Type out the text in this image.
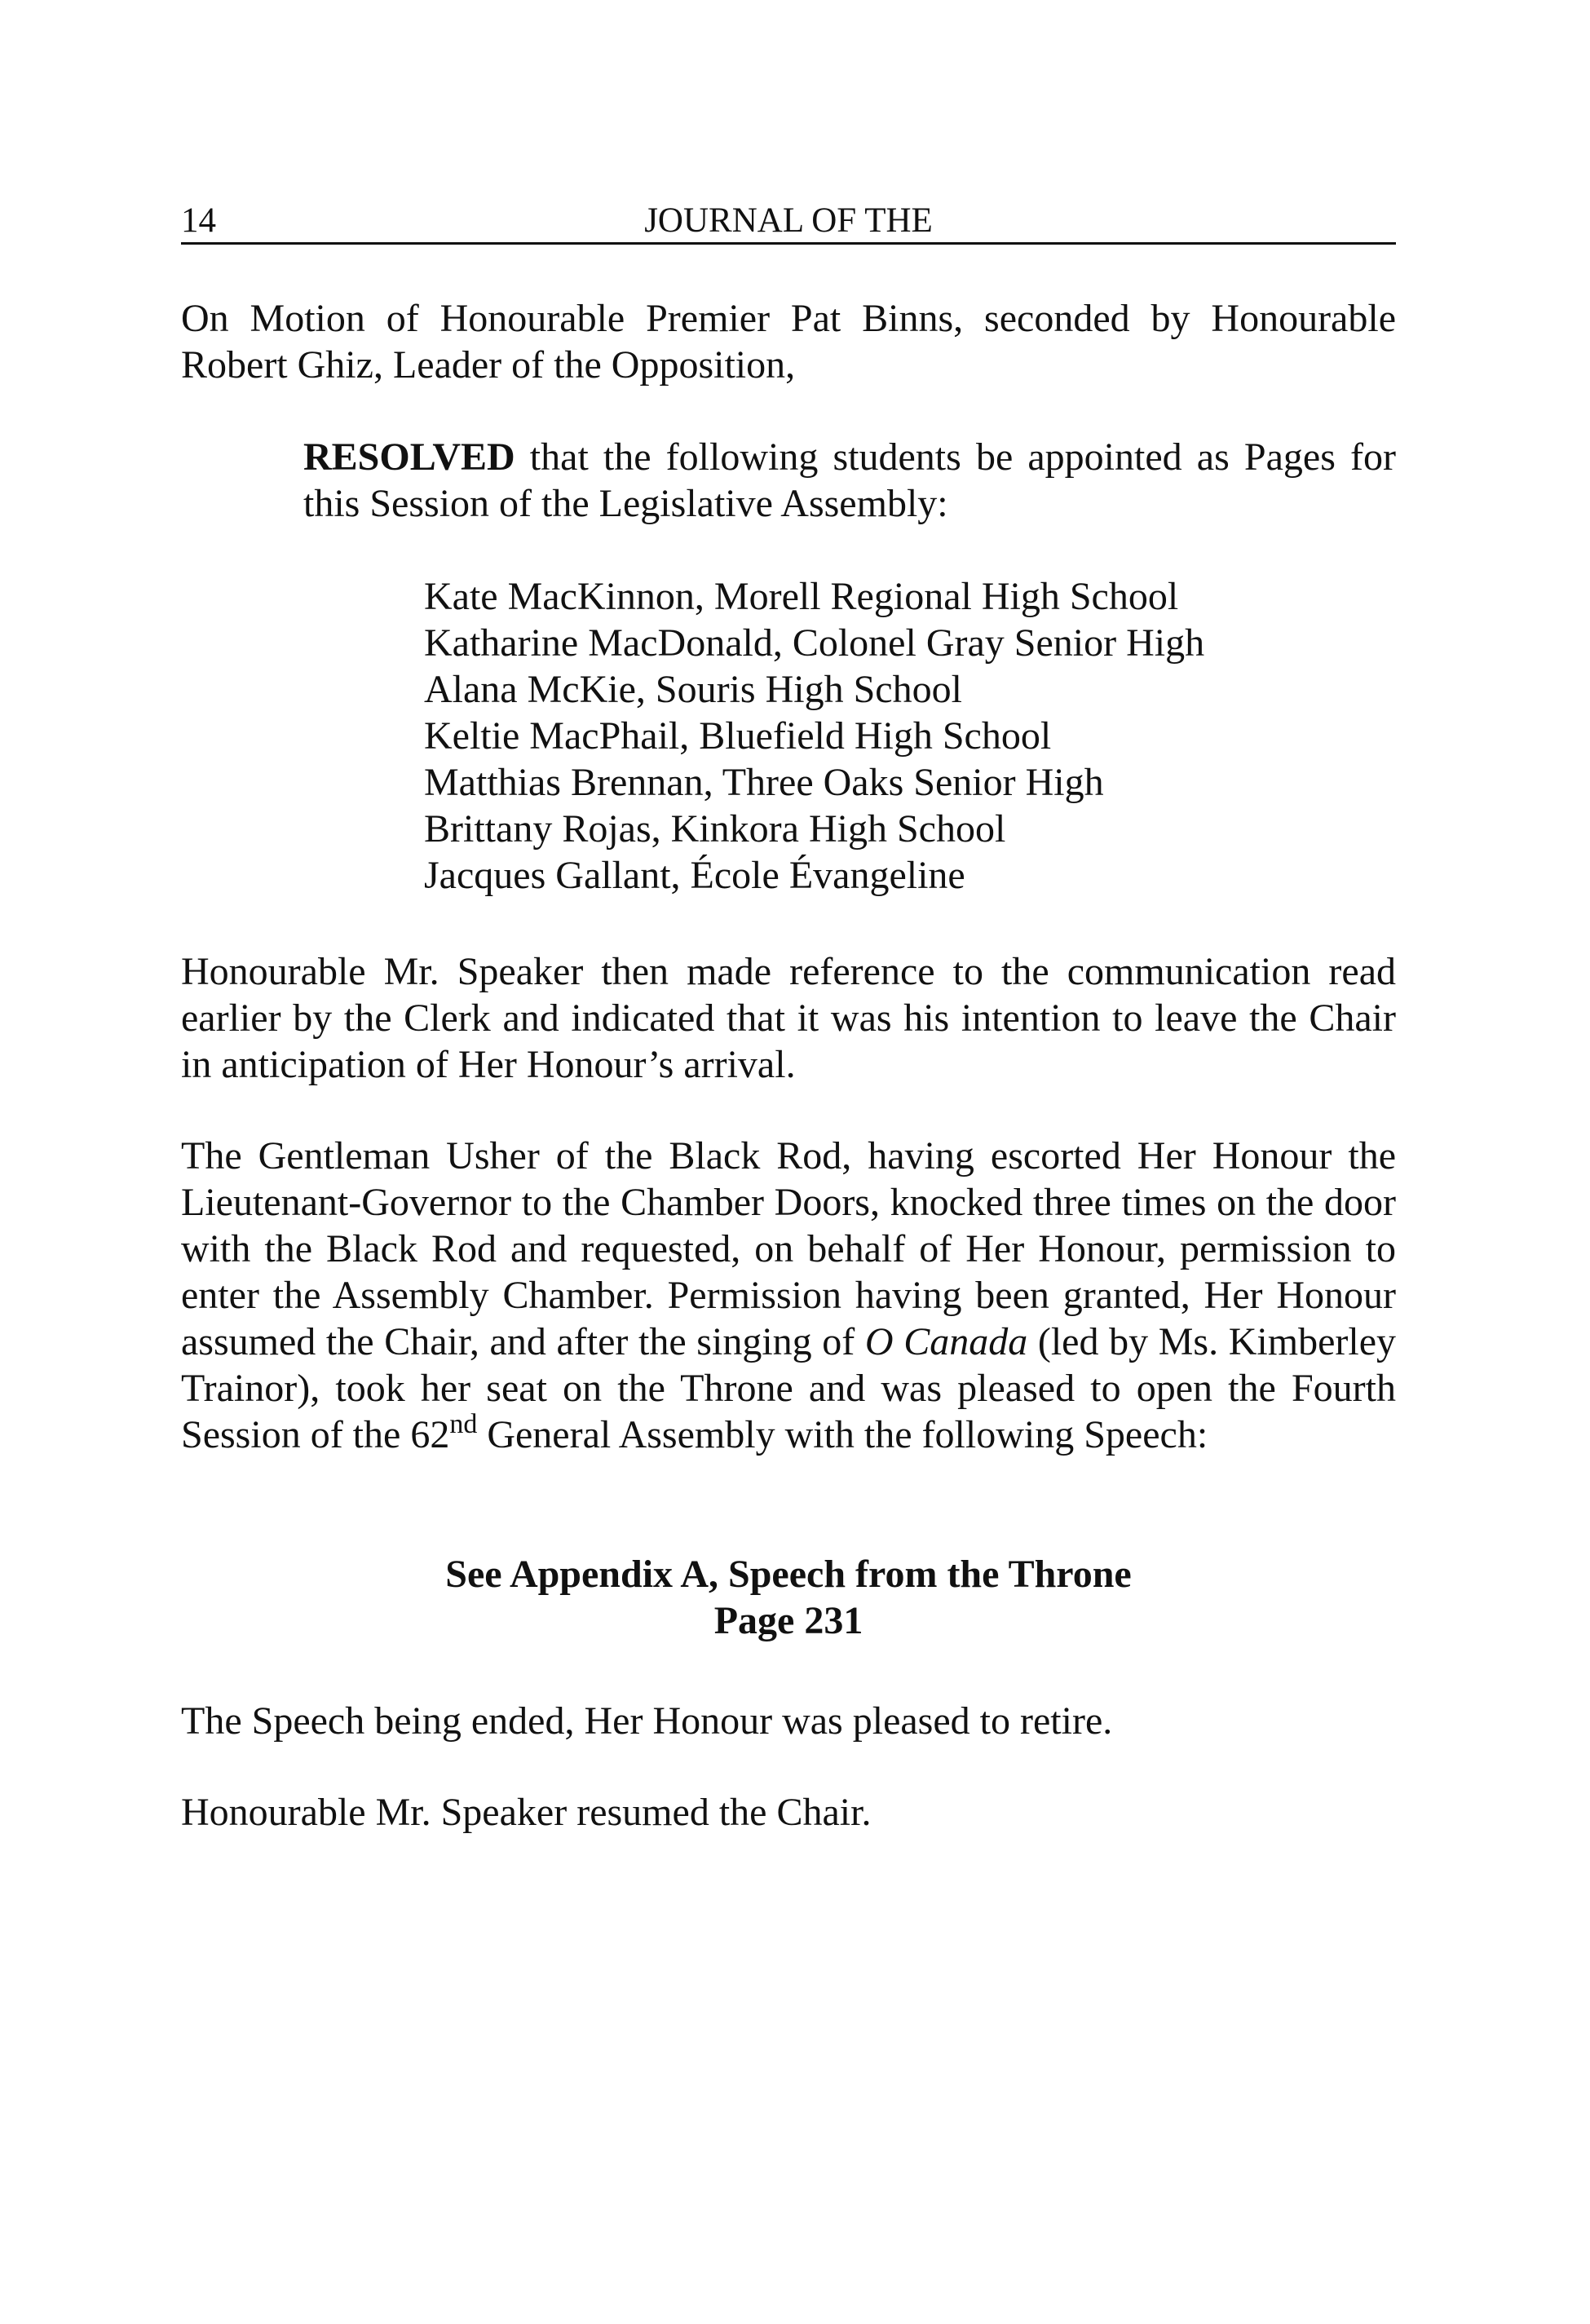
14	JOURNAL OF THE

On Motion of Honourable Premier Pat Binns, seconded by Honourable Robert Ghiz, Leader of the Opposition,

RESOLVED that the following students be appointed as Pages for this Session of the Legislative Assembly:

Kate MacKinnon, Morell Regional High School
Katharine MacDonald, Colonel Gray Senior High
Alana McKie, Souris High School
Keltie MacPhail, Bluefield High School
Matthias Brennan, Three Oaks Senior High
Brittany Rojas, Kinkora High School
Jacques Gallant, École Évangeline

Honourable Mr. Speaker then made reference to the communication read earlier by the Clerk and indicated that it was his intention to leave the Chair in anticipation of Her Honour’s arrival.

The Gentleman Usher of the Black Rod, having escorted Her Honour the Lieutenant-Governor to the Chamber Doors, knocked three times on the door with the Black Rod and requested, on behalf of Her Honour, permission to enter the Assembly Chamber. Permission having been granted, Her Honour assumed the Chair, and after the singing of O Canada (led by Ms. Kimberley Trainor), took her seat on the Throne and was pleased to open the Fourth Session of the 62nd General Assembly with the following Speech:

See Appendix A, Speech from the Throne
Page 231

The Speech being ended, Her Honour was pleased to retire.

Honourable Mr. Speaker resumed the Chair.
